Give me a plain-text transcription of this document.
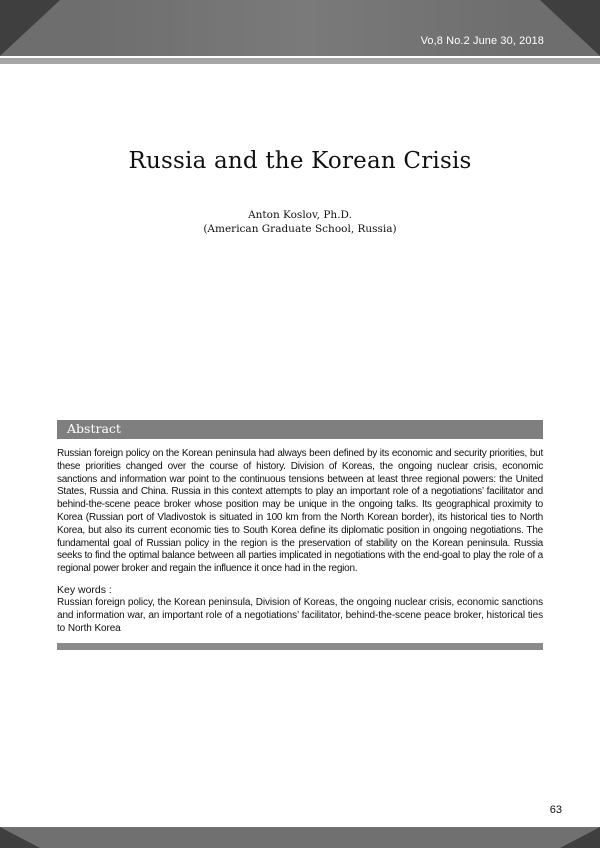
Vo,8 No.2 June 30, 2018
Russia and the Korean Crisis
Anton Koslov, Ph.D.
(American Graduate School, Russia)
Abstract
Russian foreign policy on the Korean peninsula had always been defined by its economic and security priorities, but these priorities changed over the course of history. Division of Koreas, the ongoing nuclear crisis, economic sanctions and information war point to the continuous tensions between at least three regional powers: the United States, Russia and China. Russia in this context attempts to play an important role of a negotiations’ facilitator and behind-the-scene peace broker whose position may be unique in the ongoing talks. Its geographical proximity to Korea (Russian port of Vladivostok is situated in 100 km from the North Korean border), its historical ties to North Korea, but also its current economic ties to South Korea define its diplomatic position in ongoing negotiations. The fundamental goal of Russian policy in the region is the preservation of stability on the Korean peninsula. Russia seeks to find the optimal balance between all parties implicated in negotiations with the end-goal to play the role of a regional power broker and regain the influence it once had in the region.
Key words :
Russian foreign policy, the Korean peninsula, Division of Koreas, the ongoing nuclear crisis, economic sanctions and information war, an important role of a negotiations’ facilitator, behind-the-scene peace broker, historical ties to North Korea
63
